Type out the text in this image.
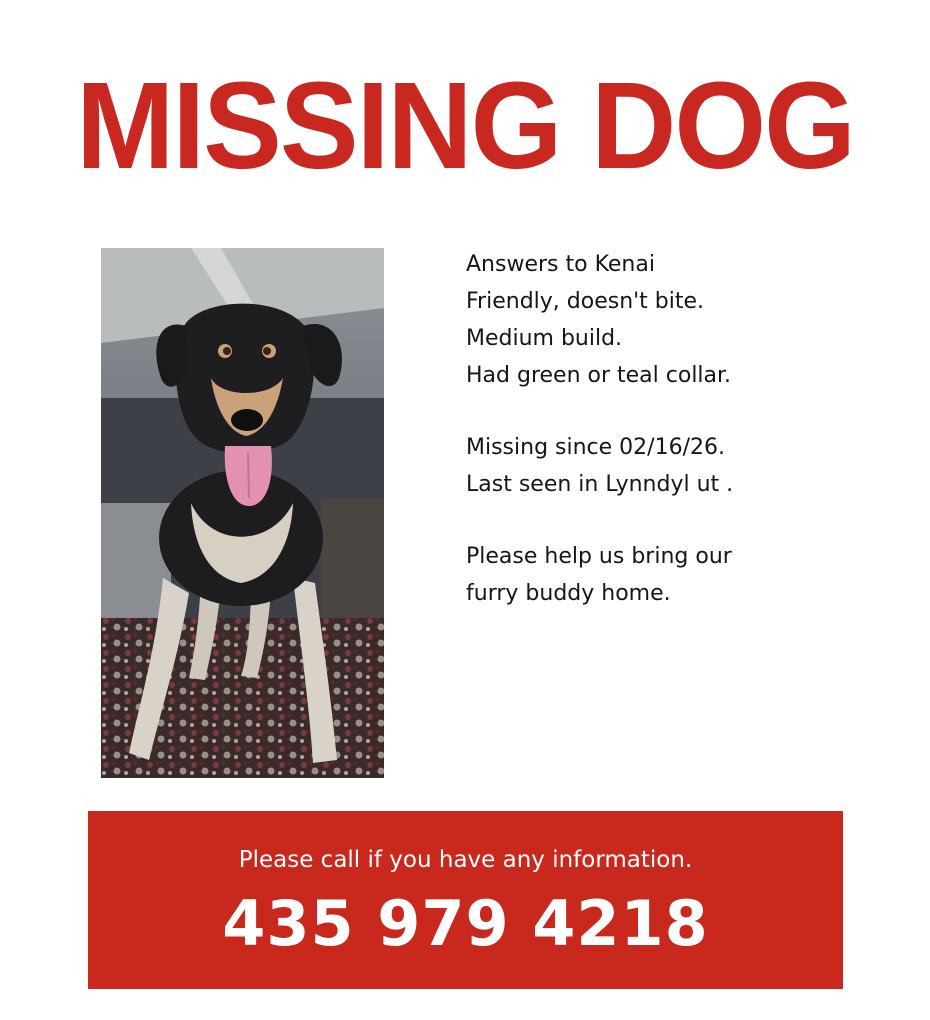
MISSING DOG
Answers to Kenai
Friendly, doesn't bite.
Medium build.
Had green or teal collar.
Missing since 02/16/26.
Last seen in Lynndyl ut .
Please help us bring our
furry buddy home.
Please call if you have any information.
435 979 4218
